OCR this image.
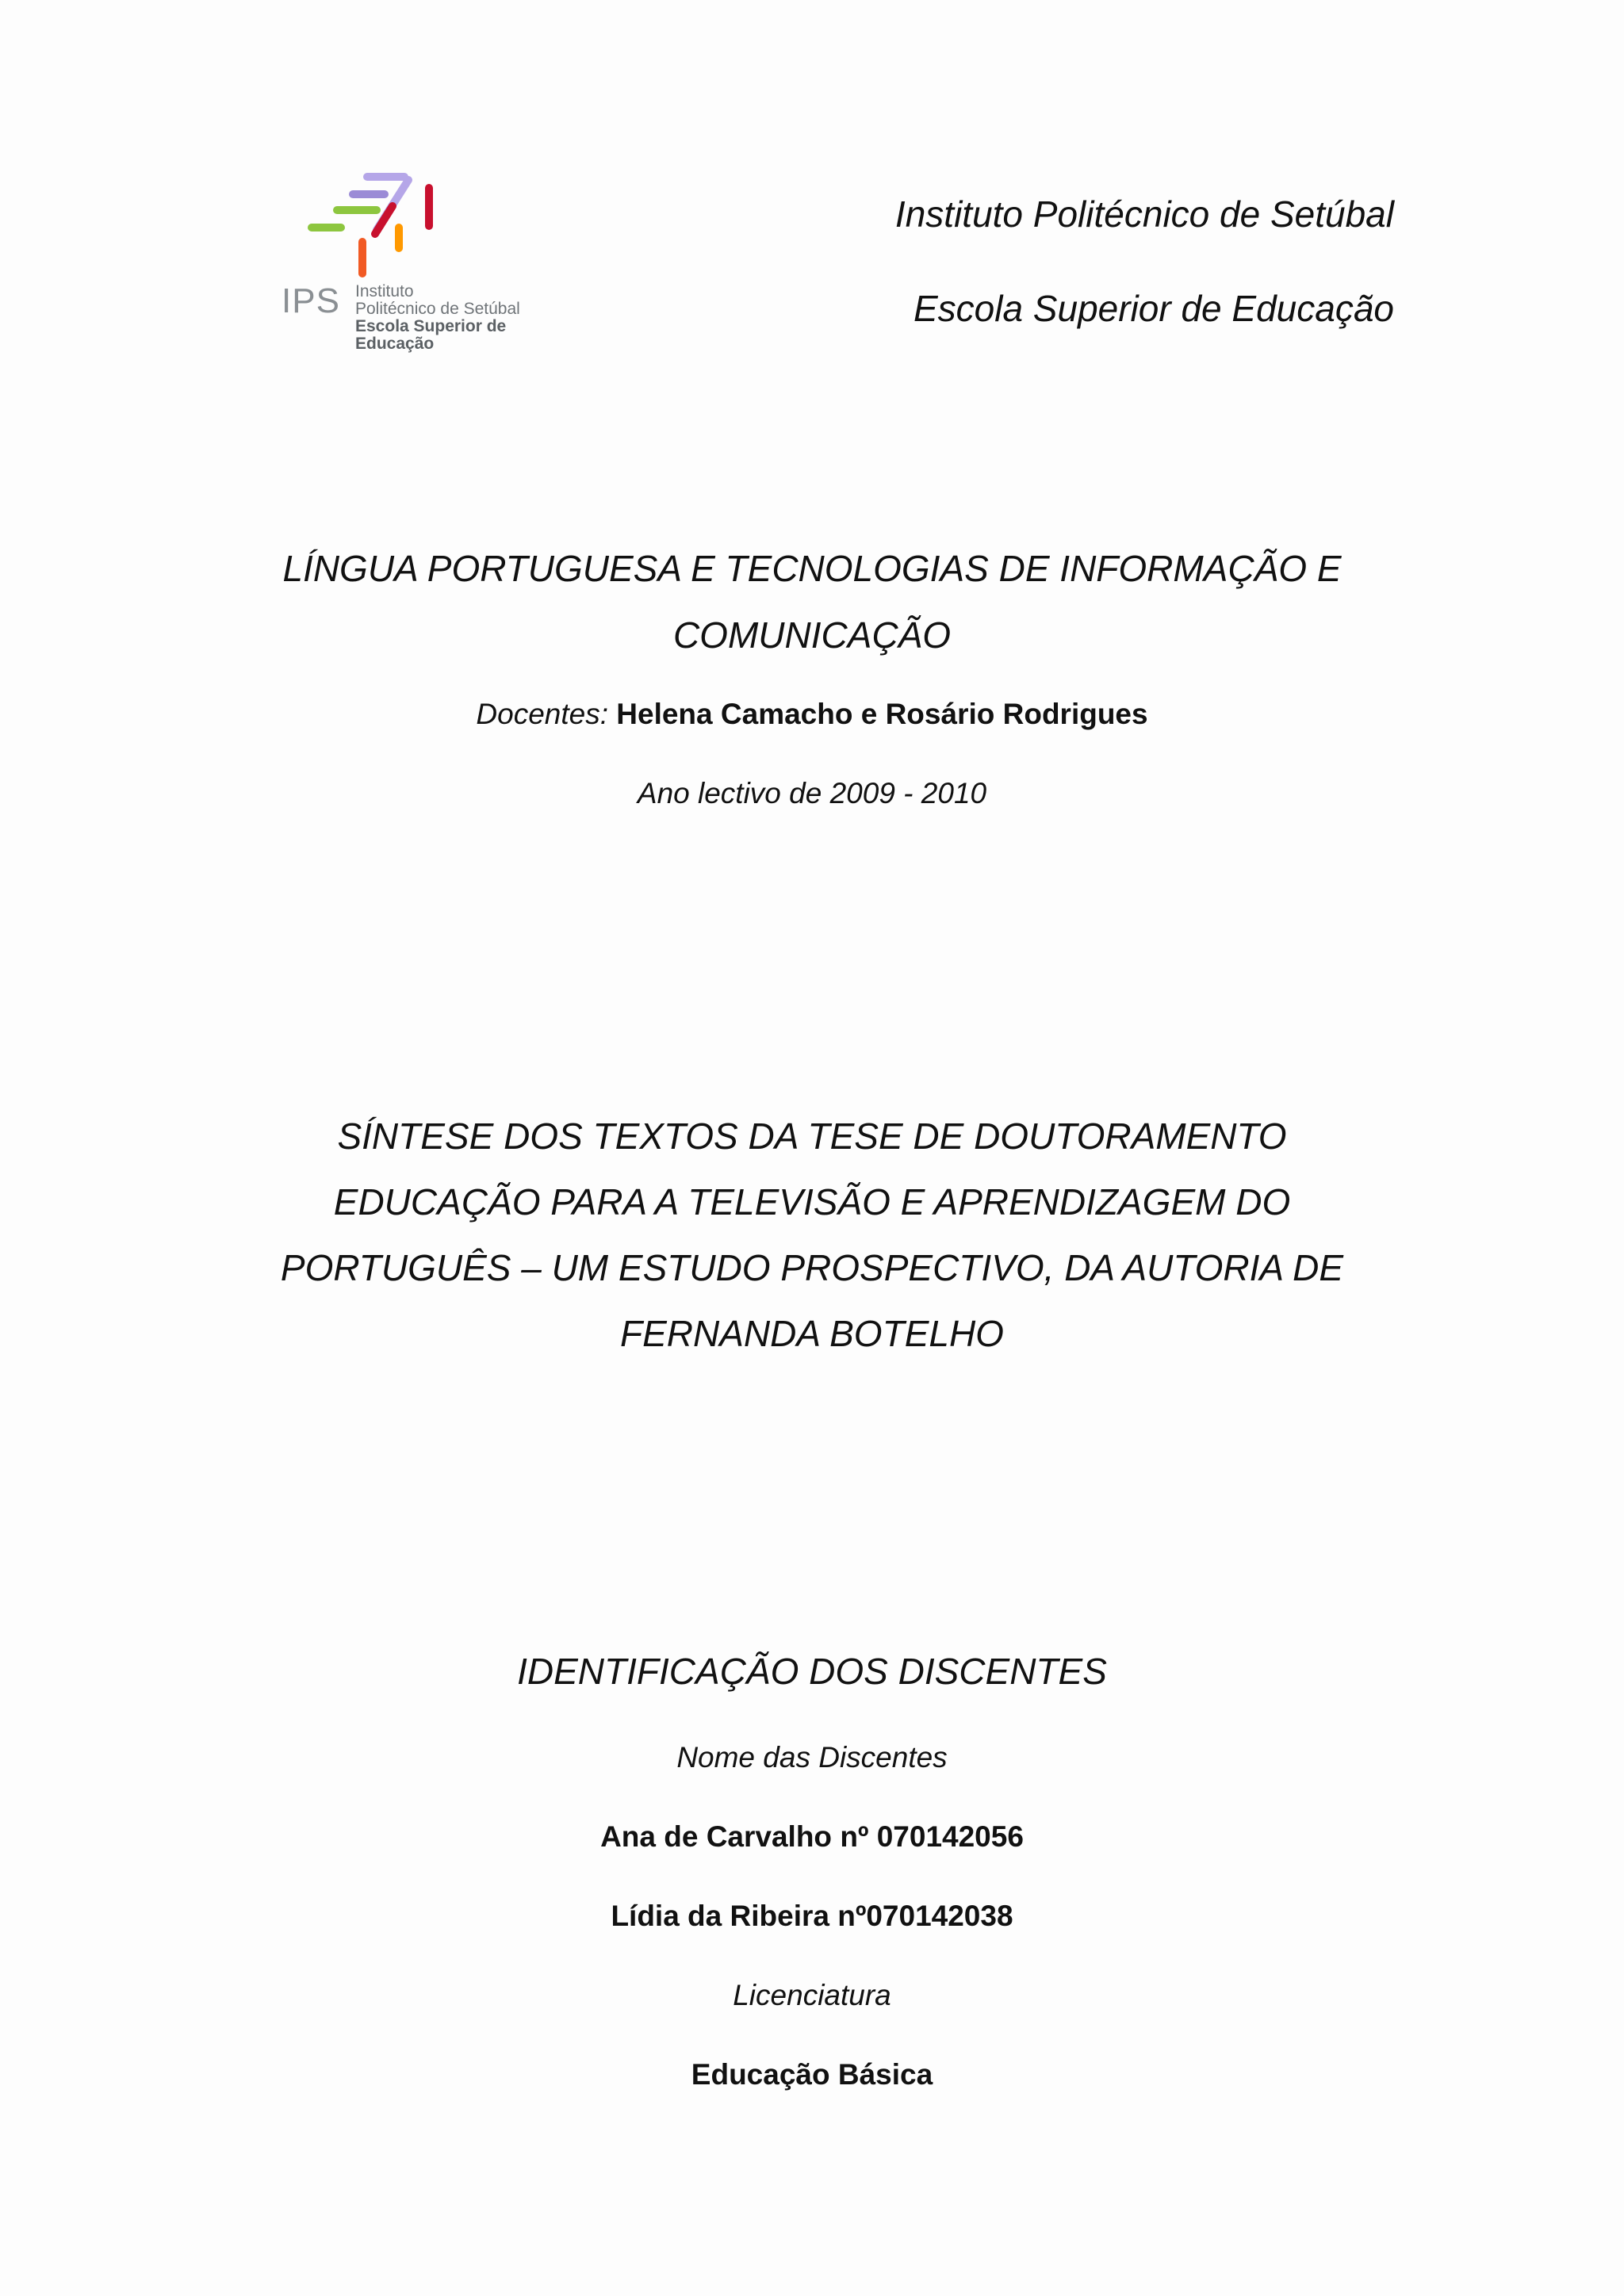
IPS Instituto
Politécnico de Setúbal
Escola Superior de
Educação
Instituto Politécnico de Setúbal
Escola Superior de Educação
LÍNGUA PORTUGUESA E TECNOLOGIAS DE INFORMAÇÃO E
COMUNICAÇÃO
Docentes: Helena Camacho e Rosário Rodrigues
Ano lectivo de 2009 - 2010
SÍNTESE DOS TEXTOS DA TESE DE DOUTORAMENTO
EDUCAÇÃO PARA A TELEVISÃO E APRENDIZAGEM DO
PORTUGUÊS – UM ESTUDO PROSPECTIVO, DA AUTORIA DE
FERNANDA BOTELHO
IDENTIFICAÇÃO DOS DISCENTES
Nome das Discentes
Ana de Carvalho nº 070142056
Lídia da Ribeira nº070142038
Licenciatura
Educação Básica
